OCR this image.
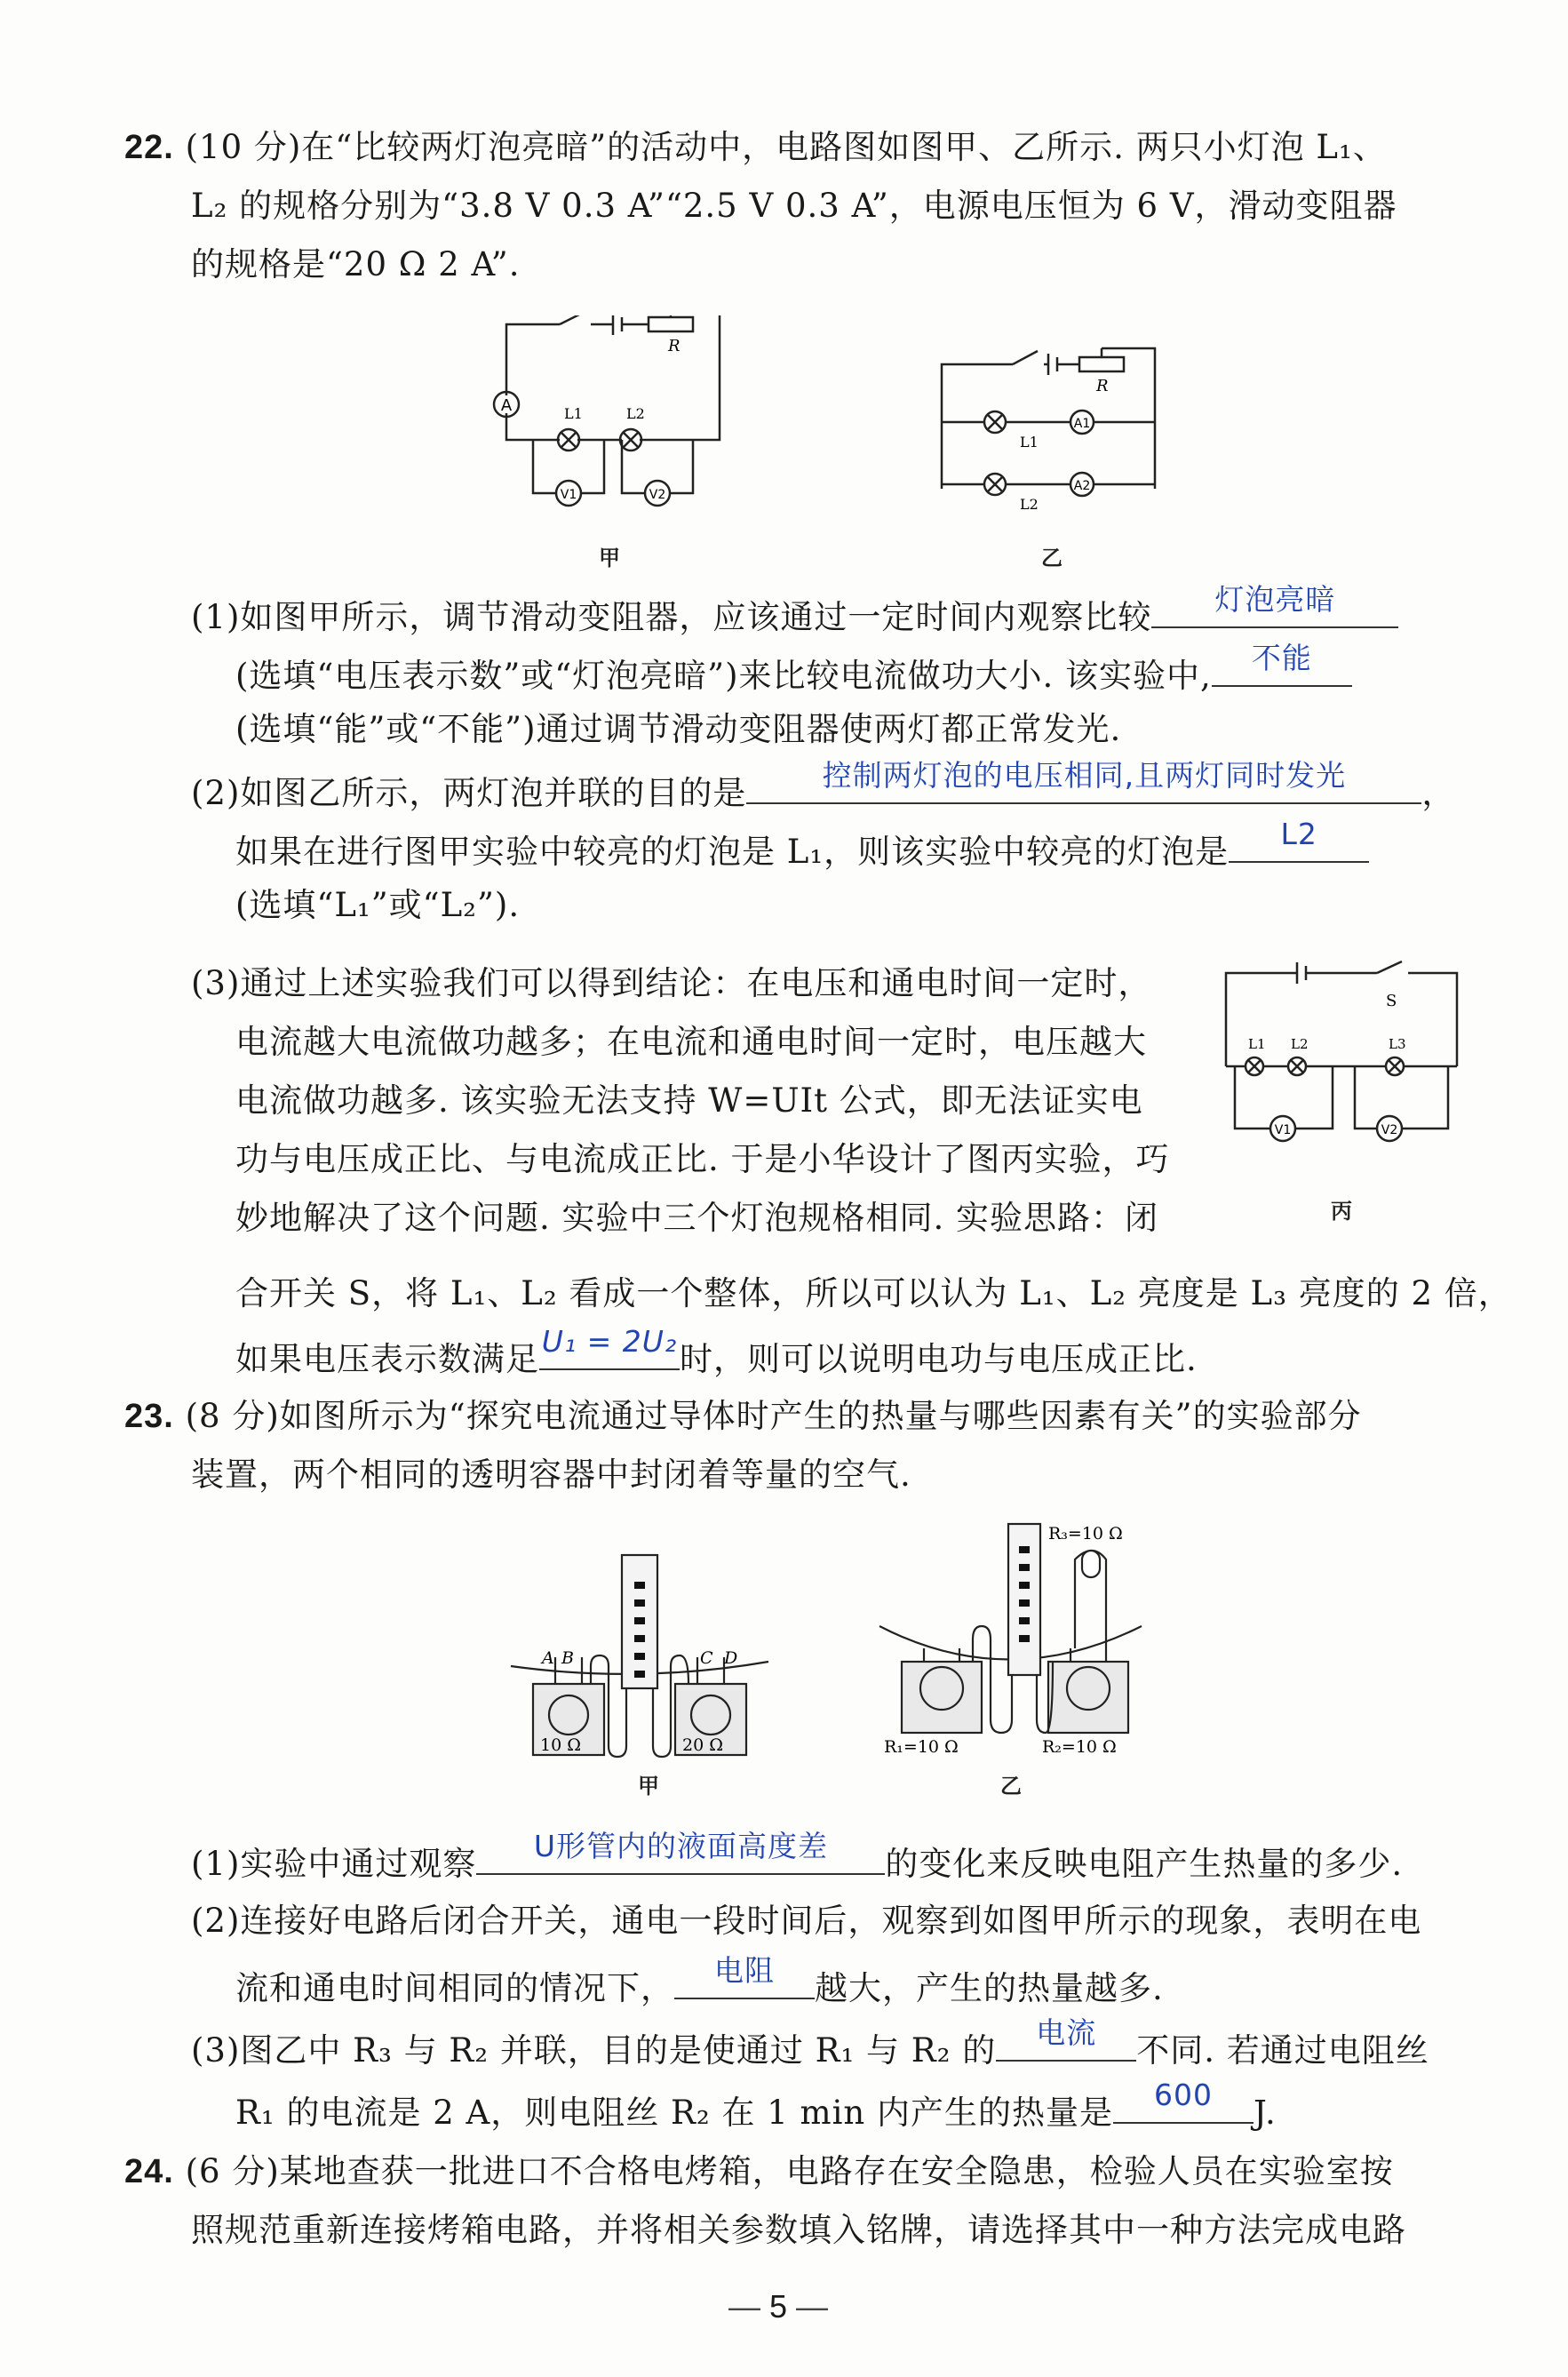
22. (10 分)在“比较两灯泡亮暗”的活动中，电路图如图甲、乙所示. 两只小灯泡 L₁、
L₂ 的规格分别为“3.8 V 0.3 A”“2.5 V 0.3 A”，电源电压恒为 6 V，滑动变阻器
的规格是“20 Ω 2 A”.
A
V1	V2
R
L1	L2
甲
A1
A2
R
L1
L2
乙
(1)如图甲所示，调节滑动变阻器，应该通过一定时间内观察比较	灯泡亮暗
(选填“电压表示数”或“灯泡亮暗”)来比较电流做功大小. 该实验中,	不能
(选填“能”或“不能”)通过调节滑动变阻器使两灯都正常发光.
(2)如图乙所示，两灯泡并联的目的是	控制两灯泡的电压相同,且两灯同时发光	，
如果在进行图甲实验中较亮的灯泡是 L₁，则该实验中较亮的灯泡是	L2
(选填“L₁”或“L₂”).
(3)通过上述实验我们可以得到结论：在电压和通电时间一定时，
电流越大电流做功越多；在电流和通电时间一定时，电压越大
电流做功越多. 该实验无法支持 W=UIt 公式，即无法证实电
功与电压成正比、与电流成正比. 于是小华设计了图丙实验，巧
妙地解决了这个问题. 实验中三个灯泡规格相同. 实验思路：闭
S
L1 L2	L3
V1	V2
丙
合开关 S，将 L₁、L₂ 看成一个整体，所以可以认为 L₁、L₂ 亮度是 L₃ 亮度的 2 倍，
如果电压表示数满足 U₁ = 2U₂ 时，则可以说明电功与电压成正比.
23. (8 分)如图所示为“探究电流通过导体时产生的热量与哪些因素有关”的实验部分
装置，两个相同的透明容器中封闭着等量的空气.
A B	C D
10 Ω	20 Ω
甲
R₃=10 Ω
R₁=10 Ω	R₂=10 Ω
乙
(1)实验中通过观察	U形管内的液面高度差	的变化来反映电阻产生热量的多少.
(2)连接好电路后闭合开关，通电一段时间后，观察到如图甲所示的现象，表明在电
流和通电时间相同的情况下，	电阻	越大，产生的热量越多.
(3)图乙中 R₃ 与 R₂ 并联，目的是使通过 R₁ 与 R₂ 的	电流	不同. 若通过电阻丝
R₁ 的电流是 2 A，则电阻丝 R₂ 在 1 min 内产生的热量是	600	J.
24. (6 分)某地查获一批进口不合格电烤箱，电路存在安全隐患，检验人员在实验室按
照规范重新连接烤箱电路，并将相关参数填入铭牌，请选择其中一种方法完成电路
— 5 —
